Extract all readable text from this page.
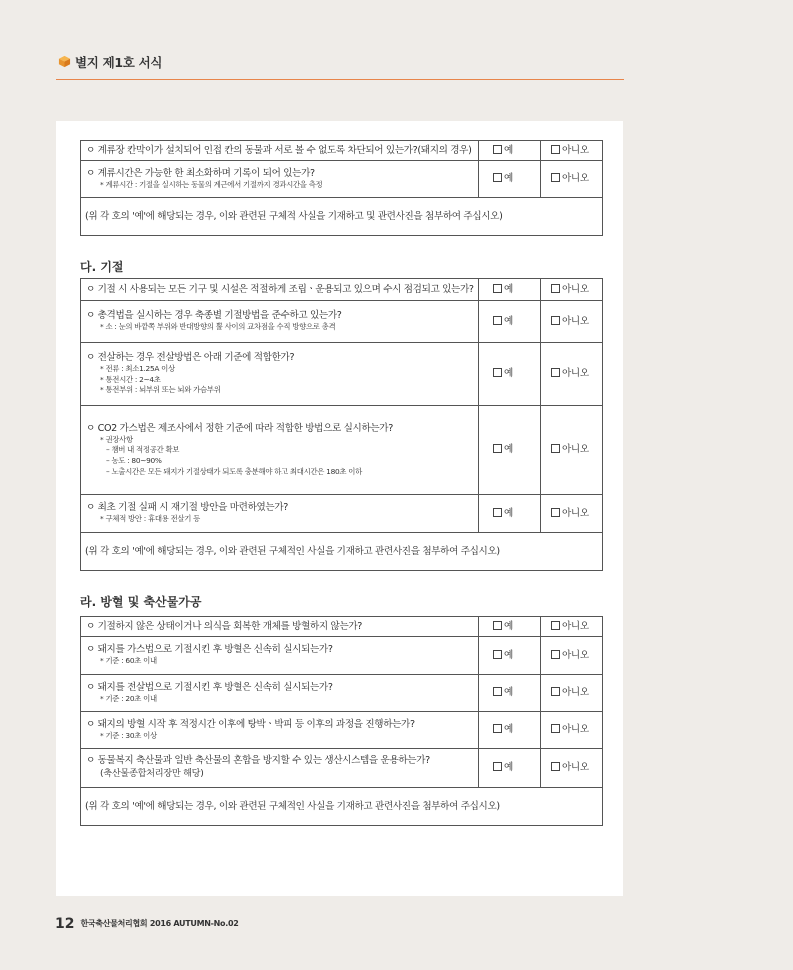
별지 제1호 서식
ㅇ 계류장 칸막이가 설치되어 인접 칸의 동물과 서로 볼 수 없도록 차단되어 있는가?(돼지의 경우)	예	아니오

ㅇ 계류시간은 가능한 한 최소화하며 기록이 되어 있는가?
* 계류시간 : 기절을 실시하는 동물의 계근에서 기절까지 경과시간을 측정	예	아니오
(위 각 호의 '예'에 해당되는 경우, 이와 관련된 구체적 사실을 기재하고 및 관련사진을 첨부하여 주십시오)		
다. 기절
ㅇ 기절 시 사용되는 모든 기구 및 시설은 적절하게 조립ㆍ운용되고 있으며 수시 점검되고 있는가?	예	아니오

ㅇ 총격법을 실시하는 경우 축종별 기절방법을 준수하고 있는가?
* 소 : 눈의 바깥쪽 부위와 반대방향의 뿔 사이의 교차점을 수직 방향으로 총격	예	아니오

ㅇ 전살하는 경우 전살방법은 아래 기준에 적합한가?
* 전류 : 최소1.25A 이상
* 통전시간 : 2~4초
* 통전부위 : 뇌부위 또는 뇌와 가슴부위	예	아니오

ㅇ CO2 가스법은 제조사에서 정한 기준에 따라 적합한 방법으로 실시하는가?
* 권장사항
– 챔버 내 적정공간 확보
– 농도 : 80~90%
– 노출시간은 모든 돼지가 기절상태가 되도록 충분해야 하고 최대시간은 180초 이하	예	아니오

ㅇ 최초 기절 실패 시 재기절 방안을 마련하였는가?
* 구체적 방안 : 휴대용 전살기 등	예	아니오
(위 각 호의 '예'에 해당되는 경우, 이와 관련된 구체적인 사실을 기재하고 관련사진을 첨부하여 주십시오)		
라. 방혈 및 축산물가공
ㅇ 기절하지 않은 상태이거나 의식을 회복한 개체를 방혈하지 않는가?	예	아니오

ㅇ 돼지를 가스법으로 기절시킨 후 방혈은 신속히 실시되는가?
* 기준 : 60초 이내	예	아니오

ㅇ 돼지를 전살법으로 기절시킨 후 방혈은 신속히 실시되는가?
* 기준 : 20초 이내	예	아니오

ㅇ 돼지의 방혈 시작 후 적정시간 이후에 탕박ㆍ박피 등 이후의 과정을 진행하는가?
* 기준 : 30초 이상	예	아니오

ㅇ 동물복지 축산물과 일반 축산물의 혼합을 방지할 수 있는 생산시스템을 운용하는가?
(축산물종합처리장만 해당)	예	아니오
(위 각 호의 '예'에 해당되는 경우, 이와 관련된 구체적인 사실을 기재하고 관련사진을 첨부하여 주십시오)		
12 한국축산물처리협회 2016 AUTUMN-No.02
